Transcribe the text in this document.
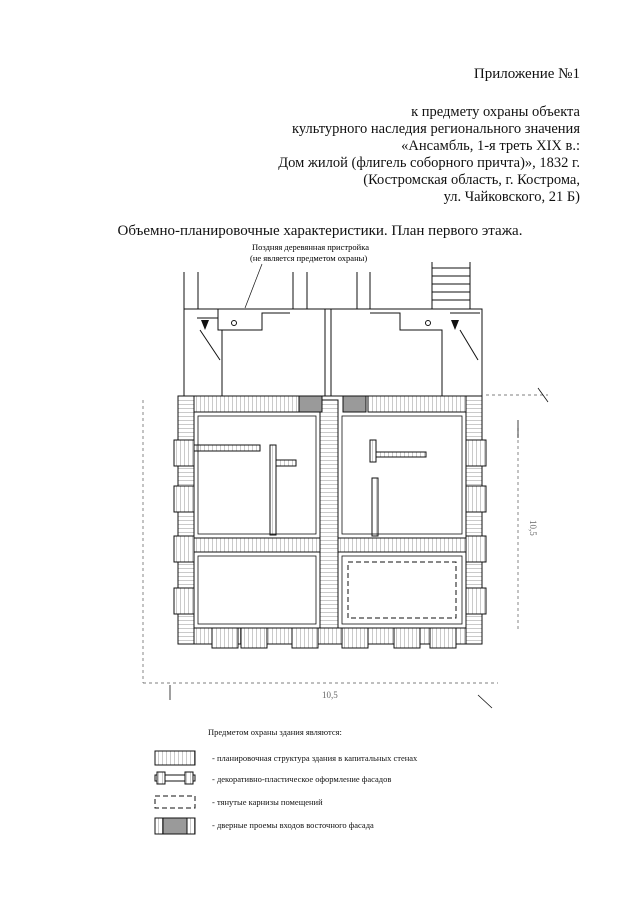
Приложение №1
к предмету охраны объекта
культурного наследия регионального значения
«Ансамбль, 1-я треть XIX в.:
Дом жилой (флигель соборного причта)», 1832 г.
(Костромская область, г. Кострома,
ул. Чайковского, 21 Б)
Объемно-планировочные характеристики. План первого этажа.
Поздняя деревянная пристройка
(не является предметом охраны)
10,5
10,5
Предметом охраны здания являются:
- планировочная структура здания в капитальных стенах
- декоративно-пластическое оформление фасадов
- тянутые карнизы помещений
- дверные проемы входов восточного фасада
